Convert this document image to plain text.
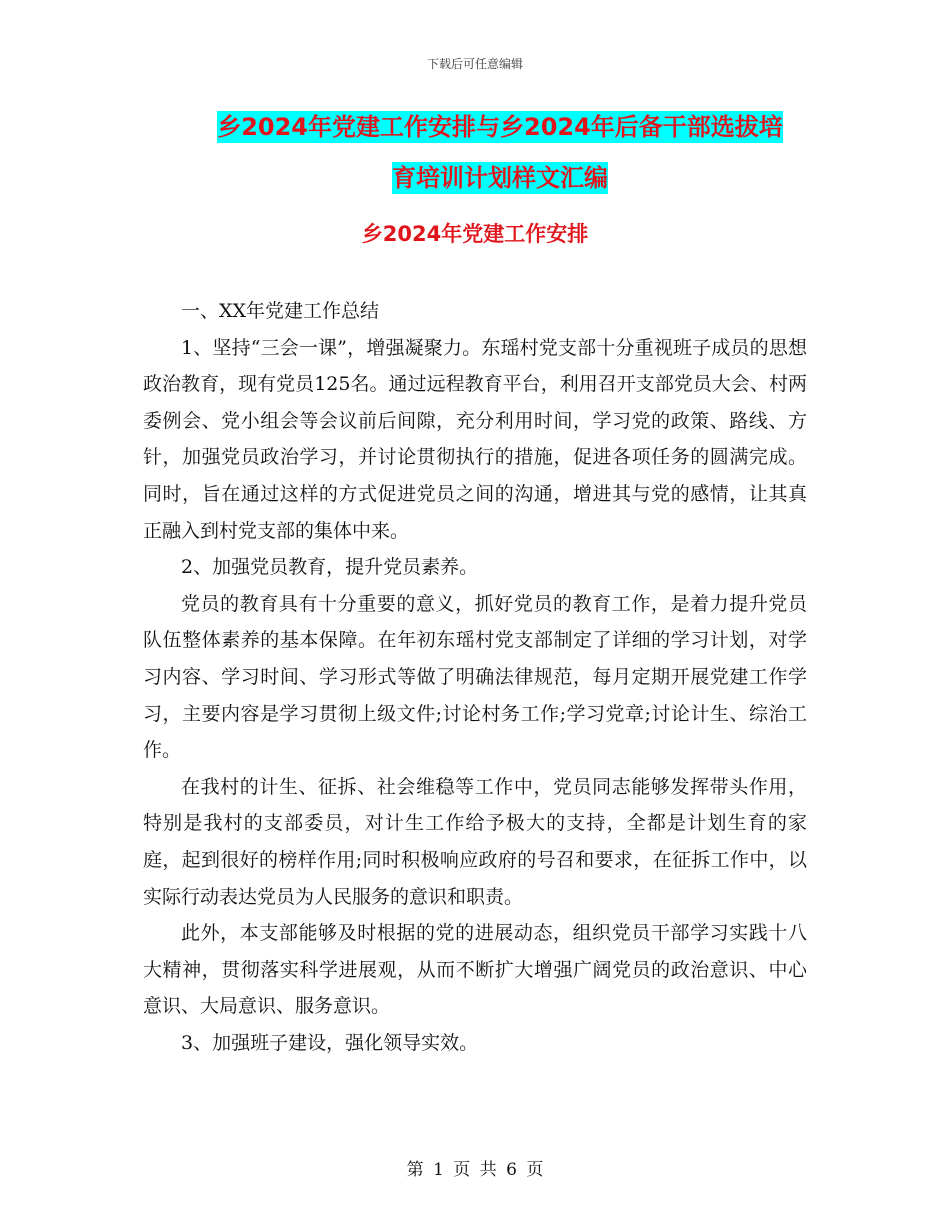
下载后可任意编辑
乡2024年党建工作安排与乡2024年后备干部选拔培
育培训计划样文汇编
乡2024年党建工作安排

一、XX年党建工作总结

1、坚持“三会一课”，增强凝聚力。东瑶村党支部十分重视班子成员的思想政治教育，现有党员125名。通过远程教育平台，利用召开支部党员大会、村两委例会、党小组会等会议前后间隙，充分利用时间，学习党的政策、路线、方针，加强党员政治学习，并讨论贯彻执行的措施，促进各项任务的圆满完成。同时，旨在通过这样的方式促进党员之间的沟通，增进其与党的感情，让其真正融入到村党支部的集体中来。

2、加强党员教育，提升党员素养。

党员的教育具有十分重要的意义，抓好党员的教育工作，是着力提升党员队伍整体素养的基本保障。在年初东瑶村党支部制定了详细的学习计划，对学习内容、学习时间、学习形式等做了明确法律规范，每月定期开展党建工作学习，主要内容是学习贯彻上级文件;讨论村务工作;学习党章;讨论计生、综治工作。

在我村的计生、征拆、社会维稳等工作中，党员同志能够发挥带头作用，特别是我村的支部委员，对计生工作给予极大的支持，全都是计划生育的家庭，起到很好的榜样作用;同时积极响应政府的号召和要求，在征拆工作中，以实际行动表达党员为人民服务的意识和职责。

此外，本支部能够及时根据的党的进展动态，组织党员干部学习实践十八大精神，贯彻落实科学进展观，从而不断扩大增强广阔党员的政治意识、中心意识、大局意识、服务意识。

3、加强班子建设，强化领导实效。

第 1 页 共 6 页
